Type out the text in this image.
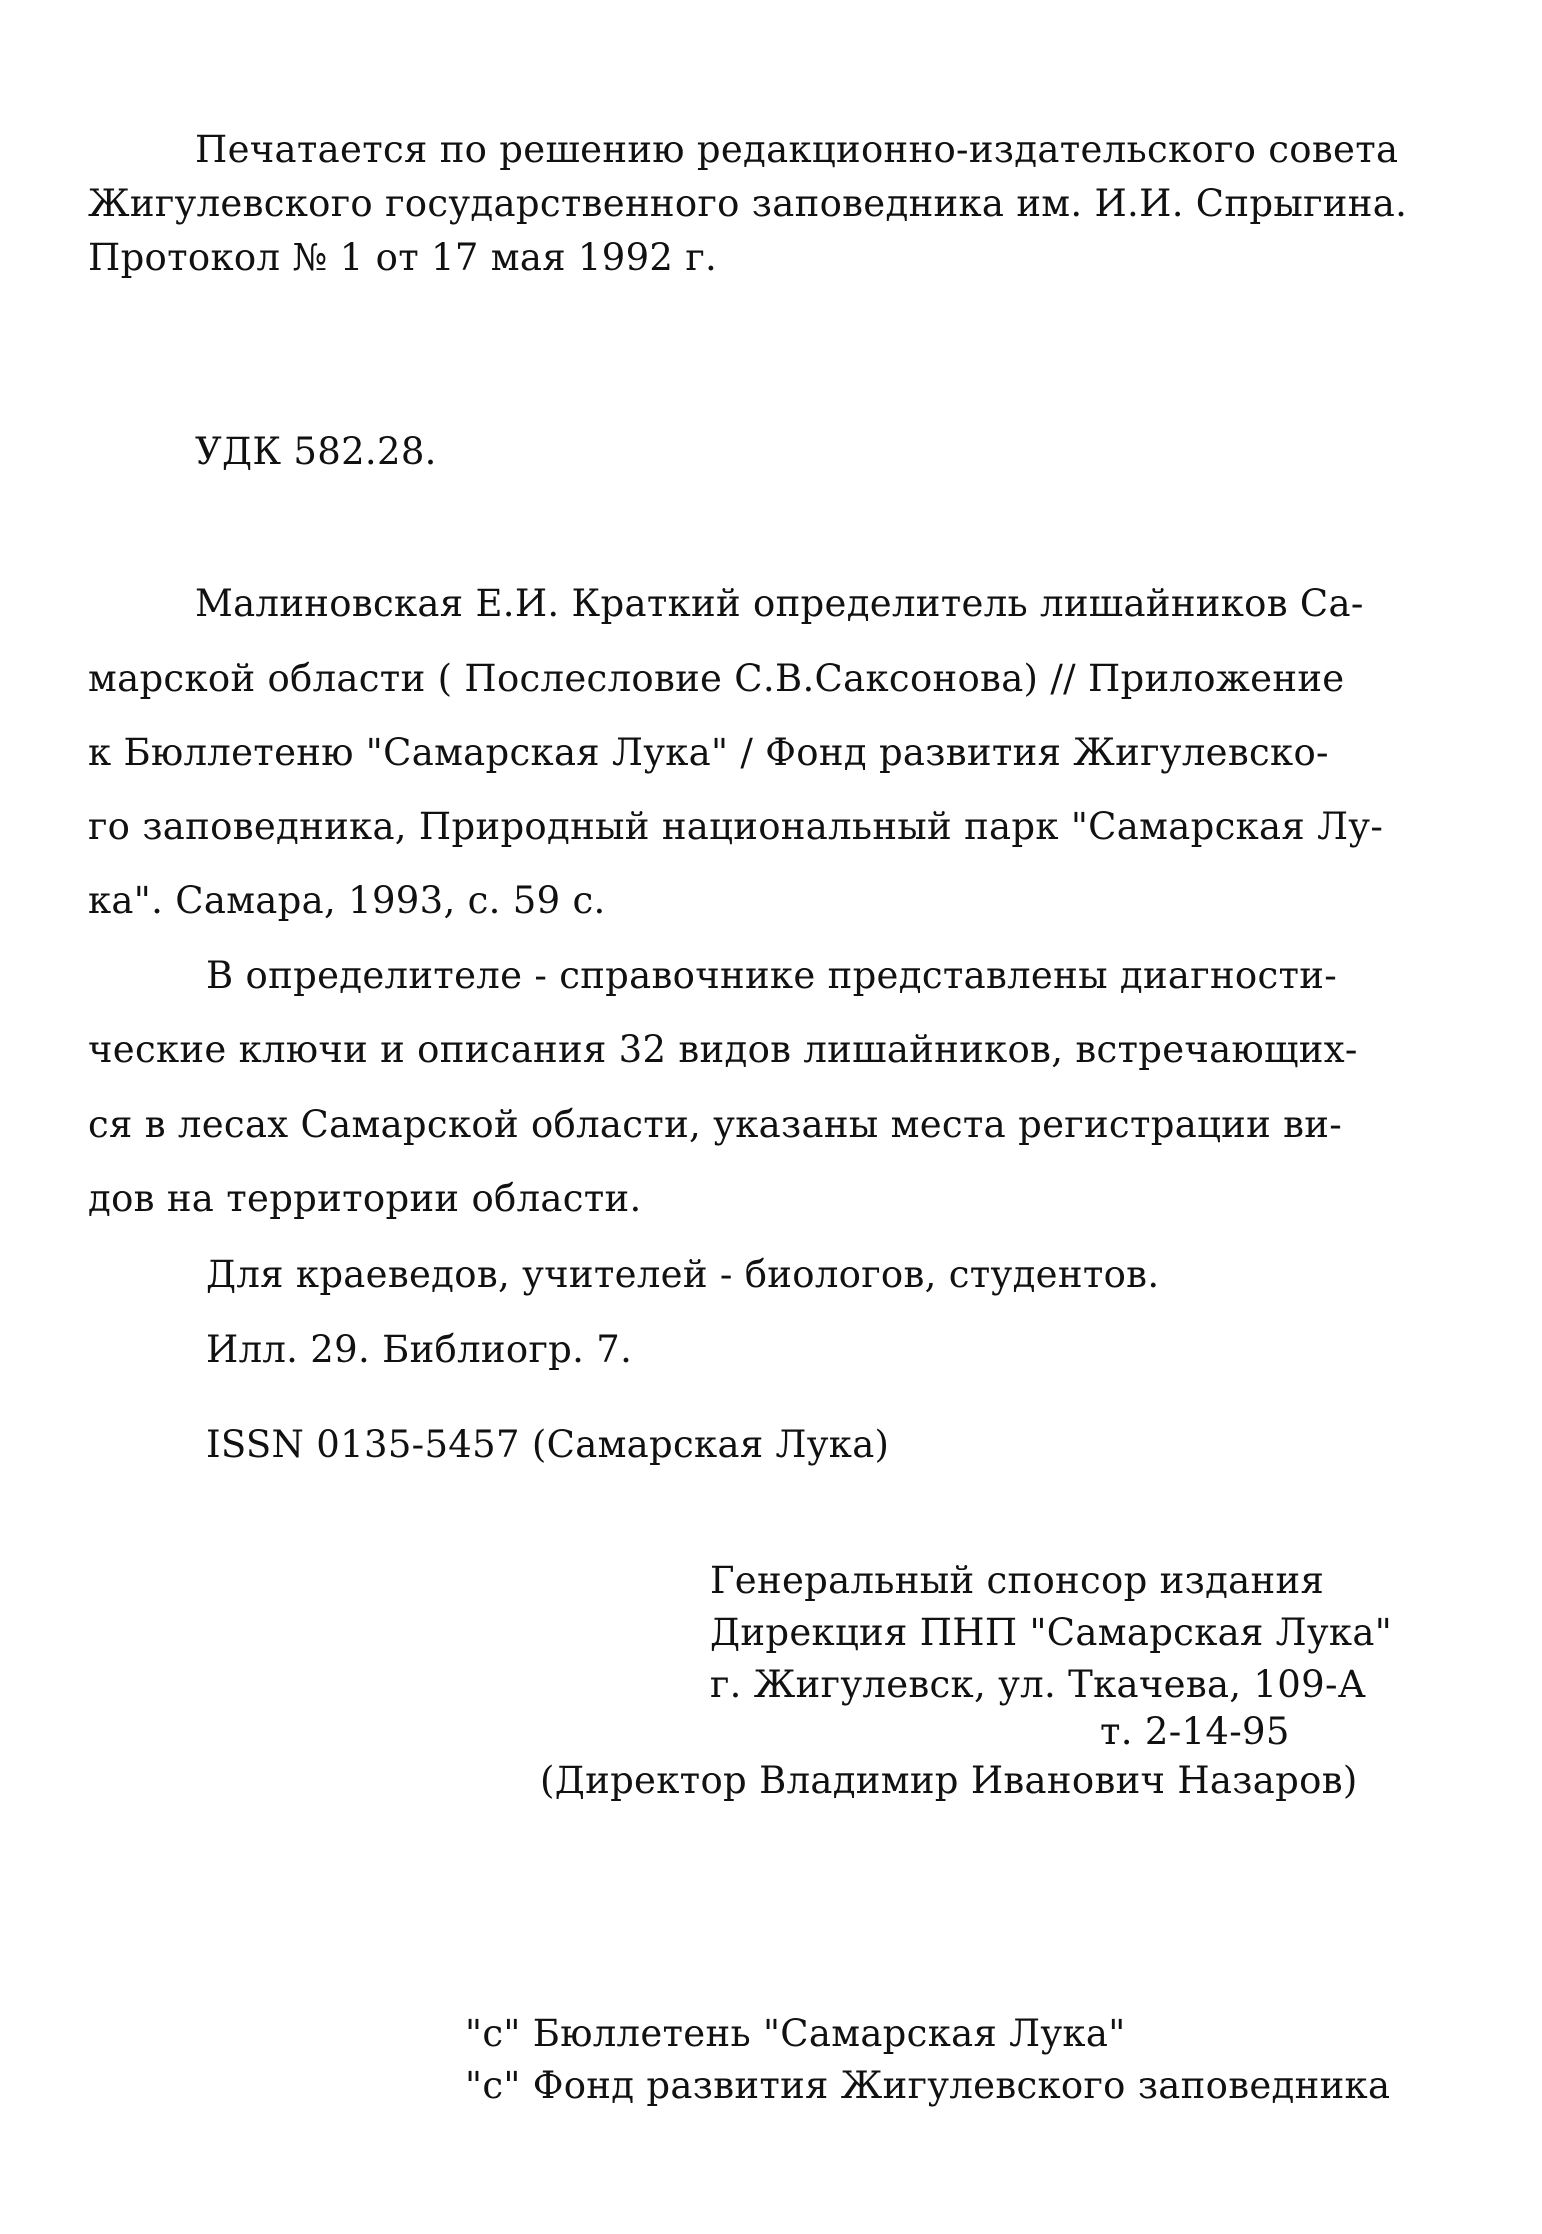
Печатается по решению редакционно-издательского совета
Жигулевского государственного заповедника им. И.И. Спрыгина.
Протокол № 1 от 17 мая 1992 г.
УДК 582.28.
Малиновская Е.И. Краткий определитель лишайников Са-
марской области ( Послесловие С.В.Саксонова) // Приложение
к Бюллетеню "Самарская Лука" / Фонд развития Жигулевско-
го заповедника, Природный национальный парк "Самарская Лу-
ка". Самара, 1993, с. 59 с.
В определителе - справочнике представлены диагности-
ческие ключи и описания 32 видов лишайников, встречающих-
ся в лесах Самарской области, указаны места регистрации ви-
дов на территории области.
Для краеведов, учителей - биологов, студентов.
Илл. 29. Библиогр. 7.
ISSN 0135-5457 (Самарская Лука)
Генеральный спонсор издания
Дирекция ПНП "Самарская Лука"
г. Жигулевск, ул. Ткачева, 109-А
т. 2-14-95
(Директор Владимир Иванович Назаров)
"с" Бюллетень "Самарская Лука"
"с" Фонд развития Жигулевского заповедника
